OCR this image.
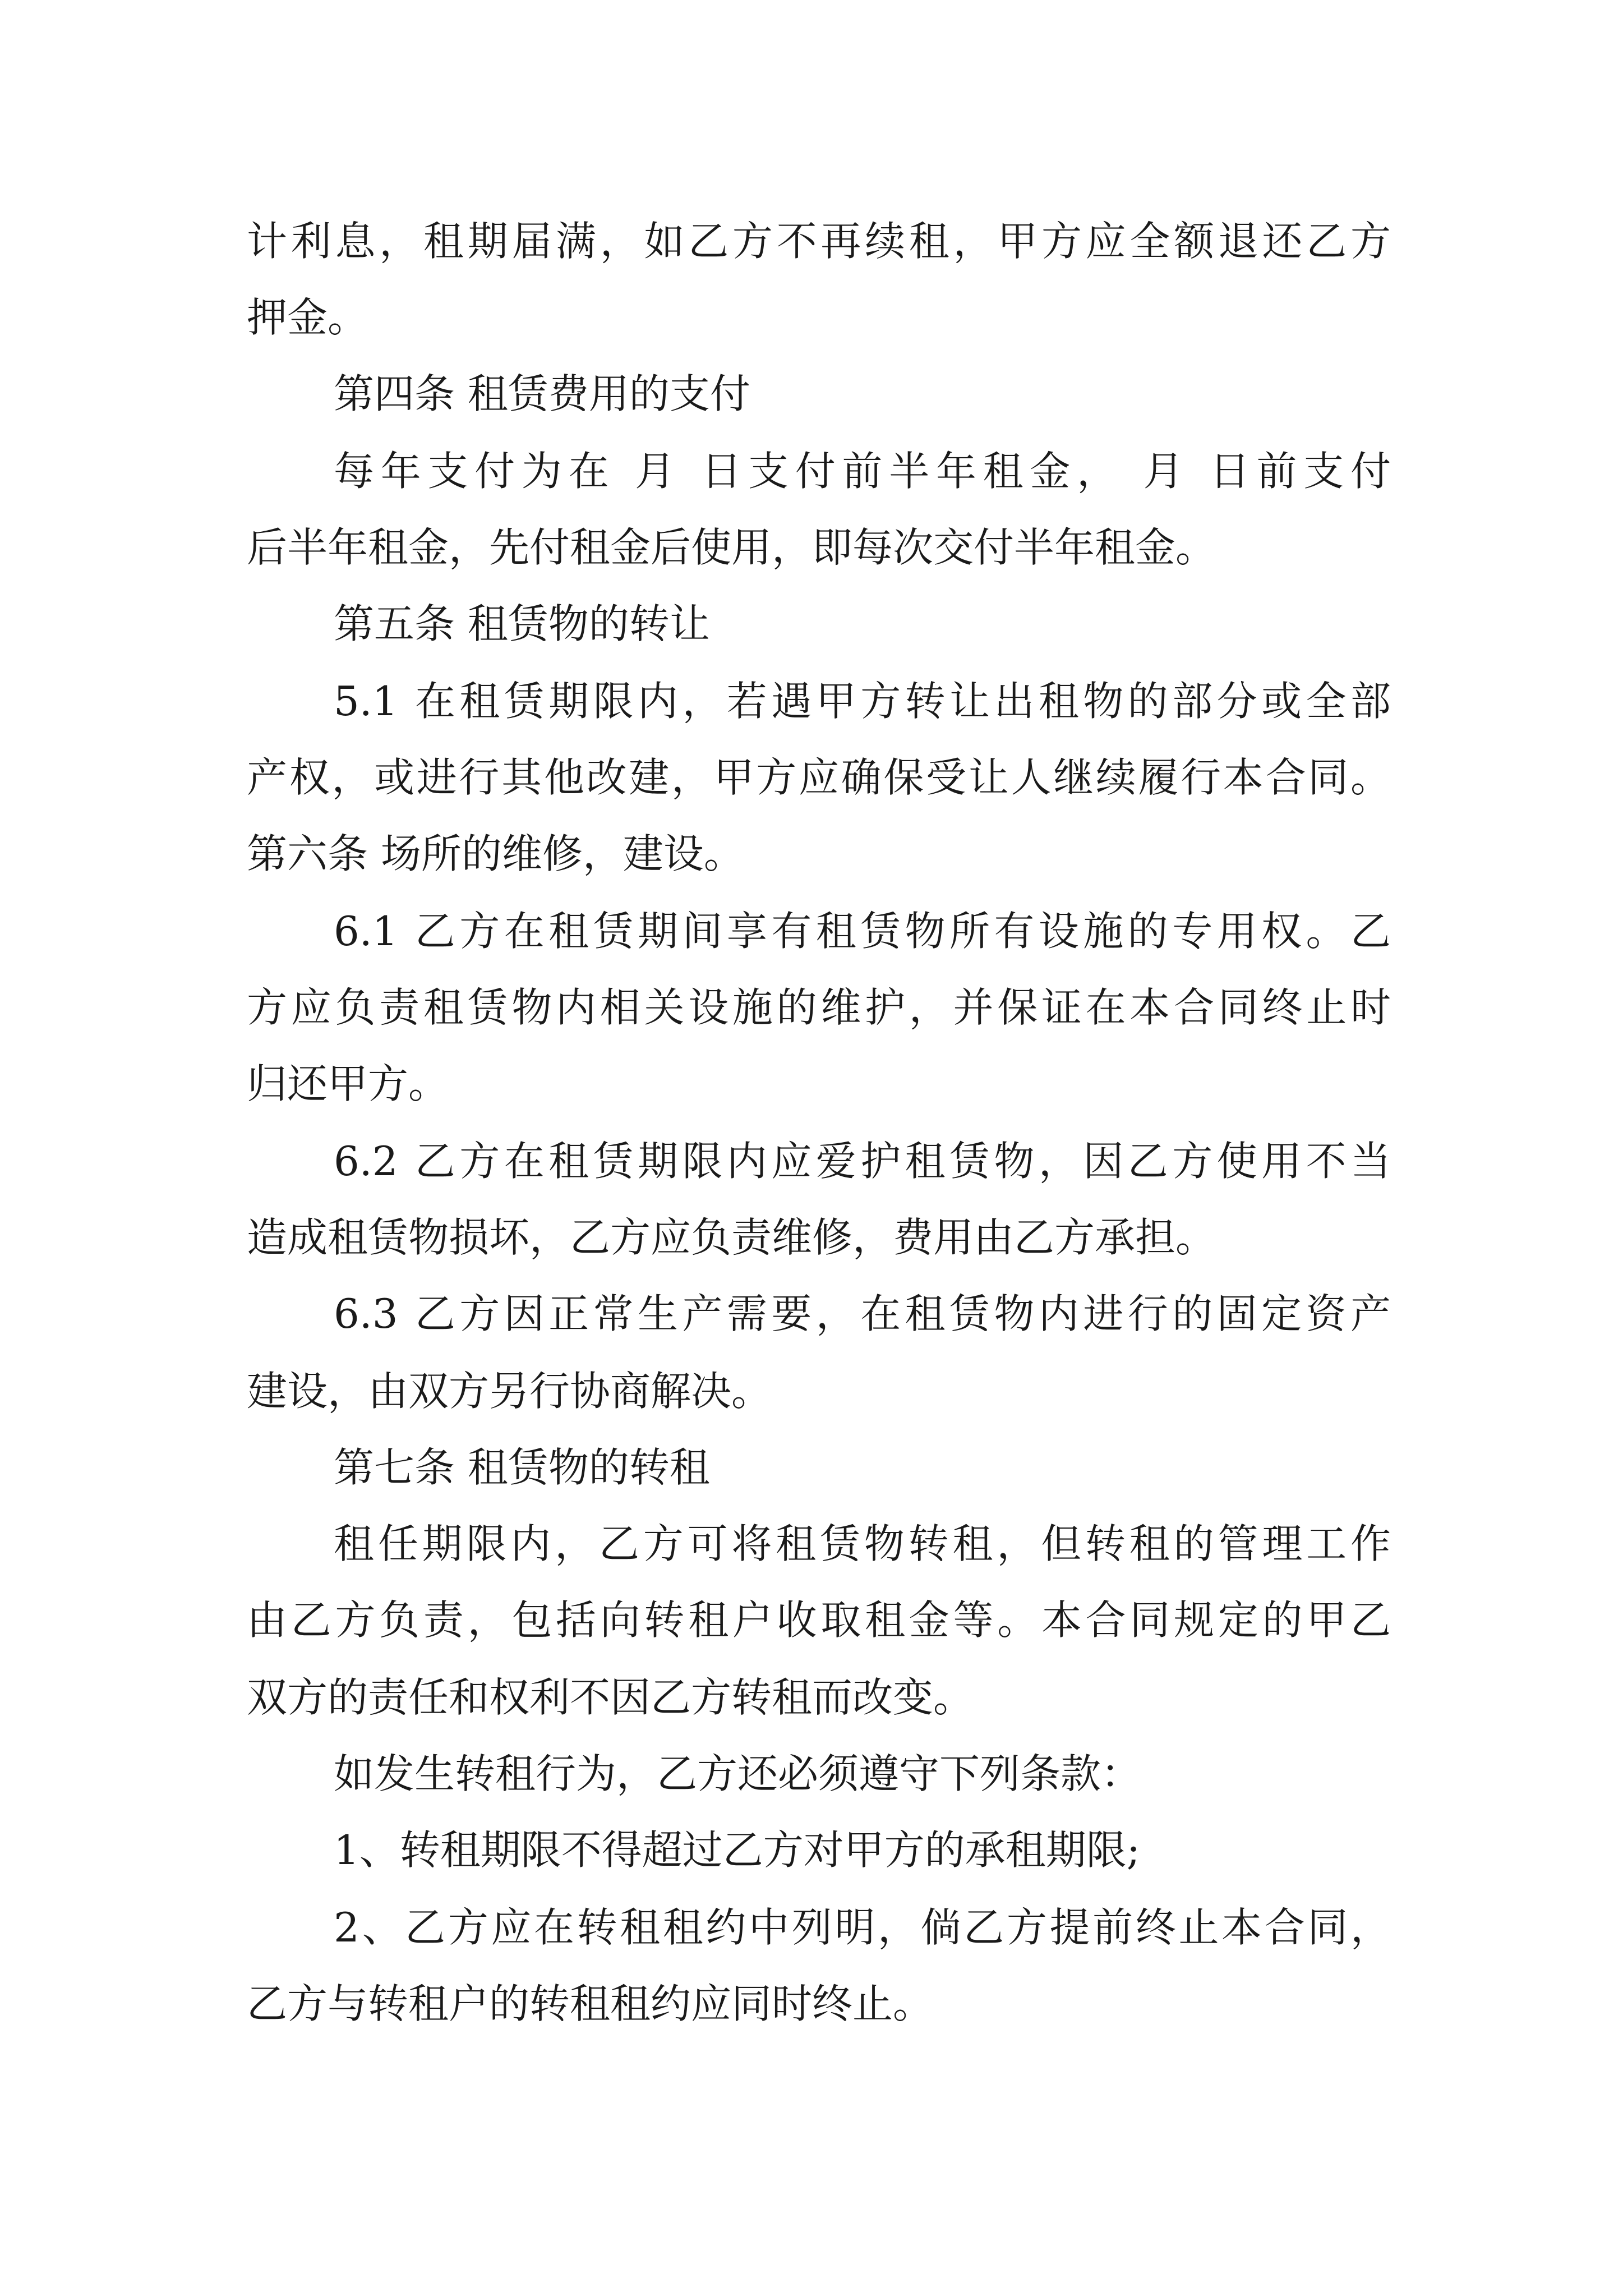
计利息，租期届满，如乙方不再续租，甲方应全额退还乙方
押金。
第四条 租赁费用的支付
每年支付为在 月 日支付前半年租金， 月 日前支付
后半年租金，先付租金后使用，即每次交付半年租金。
第五条 租赁物的转让
5.1 在租赁期限内，若遇甲方转让出租物的部分或全部
产权，或进行其他改建，甲方应确保受让人继续履行本合同。
第六条 场所的维修，建设。
6.1 乙方在租赁期间享有租赁物所有设施的专用权。乙
方应负责租赁物内相关设施的维护，并保证在本合同终止时
归还甲方。
6.2 乙方在租赁期限内应爱护租赁物，因乙方使用不当
造成租赁物损坏，乙方应负责维修，费用由乙方承担。
6.3 乙方因正常生产需要，在租赁物内进行的固定资产
建设，由双方另行协商解决。
第七条 租赁物的转租
租任期限内，乙方可将租赁物转租，但转租的管理工作
由乙方负责，包括向转租户收取租金等。本合同规定的甲乙
双方的责任和权利不因乙方转租而改变。
如发生转租行为，乙方还必须遵守下列条款：
1、转租期限不得超过乙方对甲方的承租期限;
2、乙方应在转租租约中列明，倘乙方提前终止本合同，
乙方与转租户的转租租约应同时终止。
